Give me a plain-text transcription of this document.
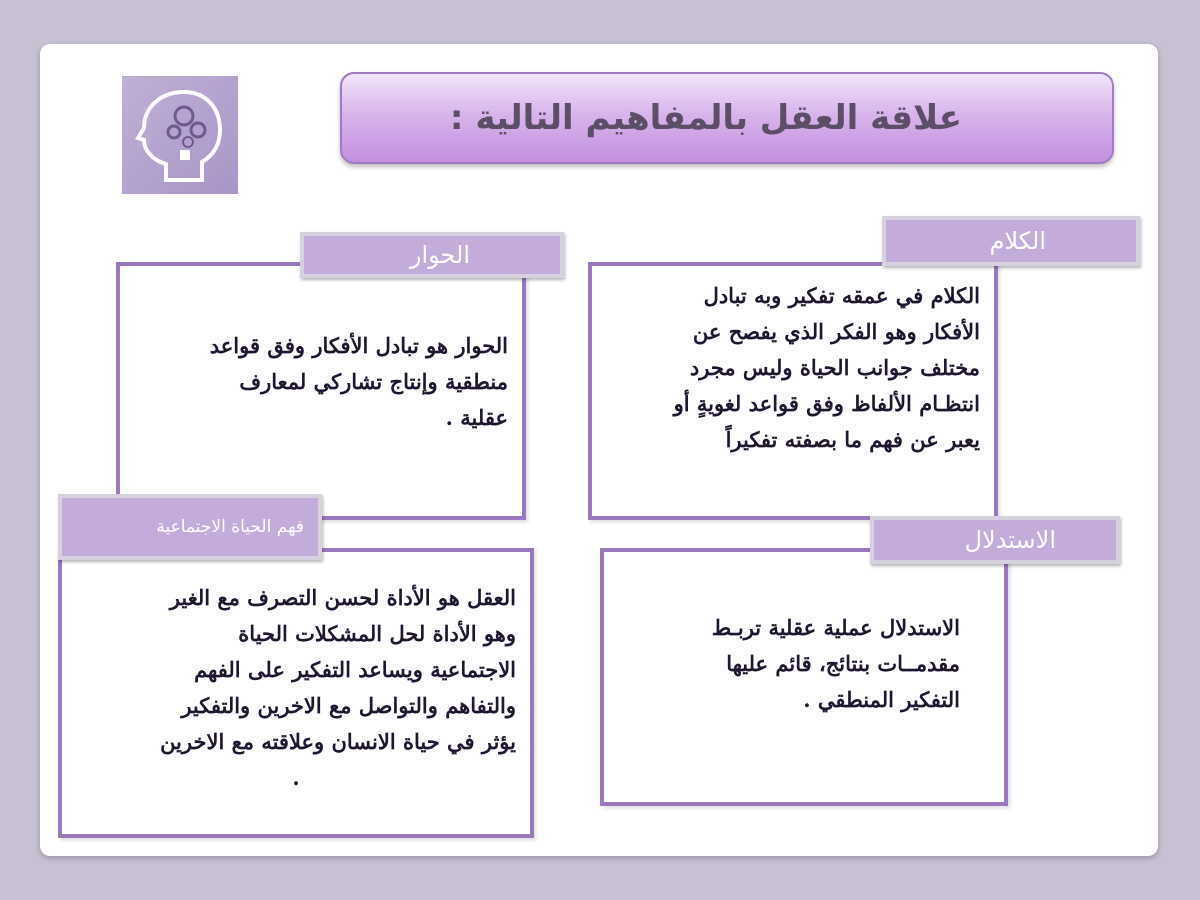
علاقة العقل بالمفاهيم التالية :

الكلام في عمقه تفكير وبه تبادل

الأفكار وهو الفكر الذي يفصح عن

مختلف جوانب الحياة وليس مجرد

انتظـام الألفاظ وفق قواعد لغويةٍ أو

يعبر عن فهم ما بصفته تفكيراً

الكلام

الحوار هو تبادل الأفكار وفق قواعد

منطقية وإنتاج تشاركي لمعارف

عقلية .

الحوار

الاستدلال عملية عقلية تربـط

مقدمــات بنتائج، قائم عليها

التفكير المنطقي .

الاستدلال

العقل هو الأداة لحسن التصرف مع الغير

وهو الأداة لحل المشكلات الحياة

الاجتماعية ويساعد التفكير على الفهم

والتفاهم والتواصل مع الاخرين والتفكير

يؤثر في حياة الانسان وعلاقته مع الاخرين

.

فهم الحياة الاجتماعية
